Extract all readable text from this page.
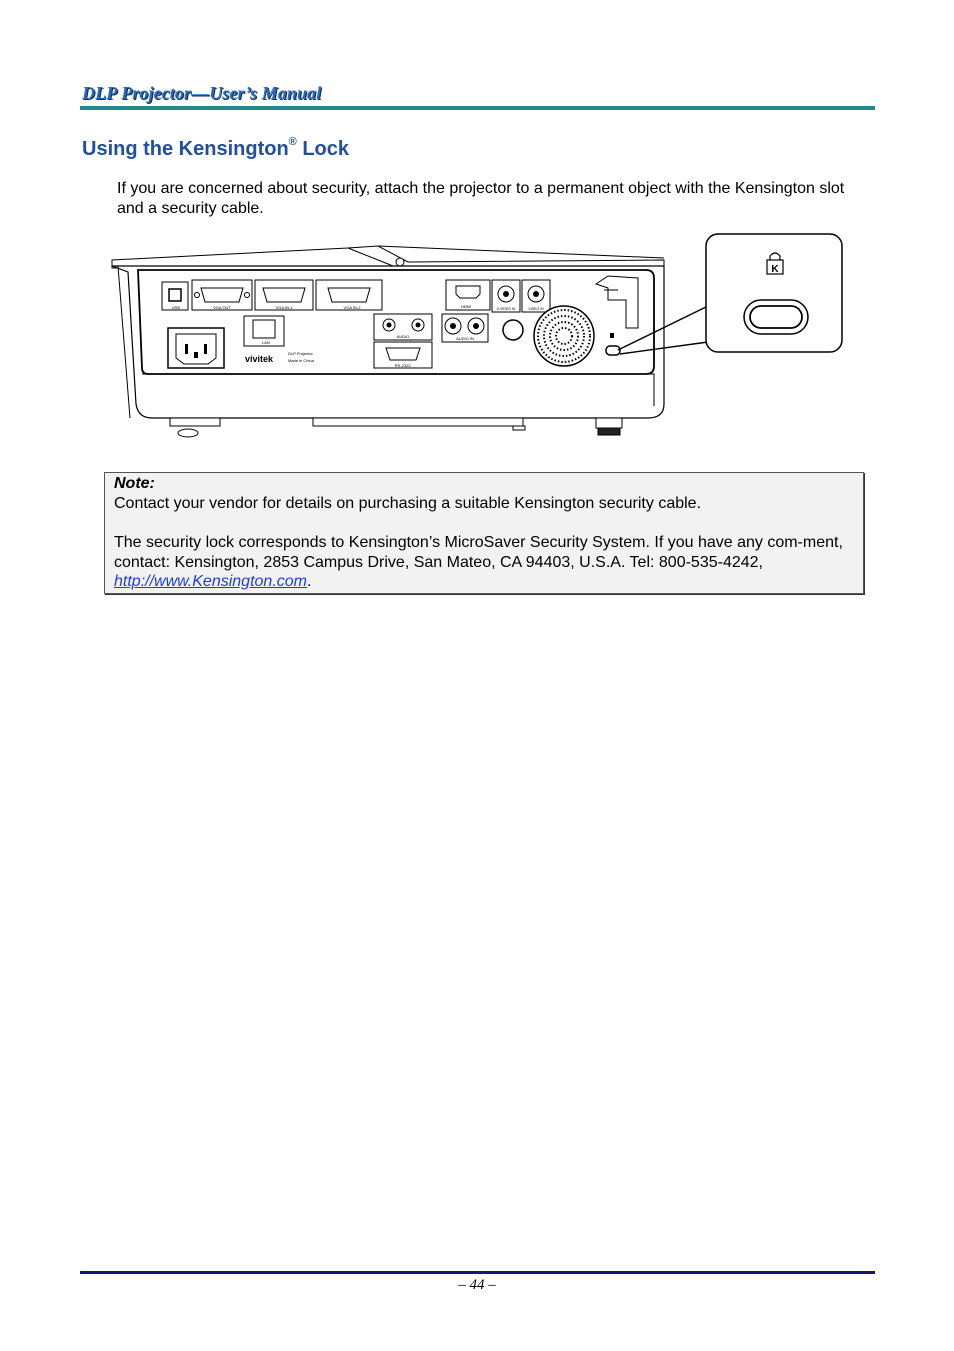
DLP Projector—User’s Manual
Using the Kensington® Lock
If you are concerned about security, attach the projector to a permanent object with the Kensington slot and a security cable.
USB	VGA OUT	VGA IN-1	VGA IN-2
LAN
vivitek
DLP Projector
Made in China
AUDIO
RS-232C
AUDIO IN
HDMI	S-VIDEO IN	VIDEO IN
K
Note:
Contact your vendor for details on purchasing a suitable Kensington security cable.
The security lock corresponds to Kensington’s MicroSaver Security System. If you have any com-ment, contact: Kensington, 2853 Campus Drive, San Mateo, CA 94403, U.S.A. Tel: 800-535-4242, http://www.Kensington.com.
– 44 –
